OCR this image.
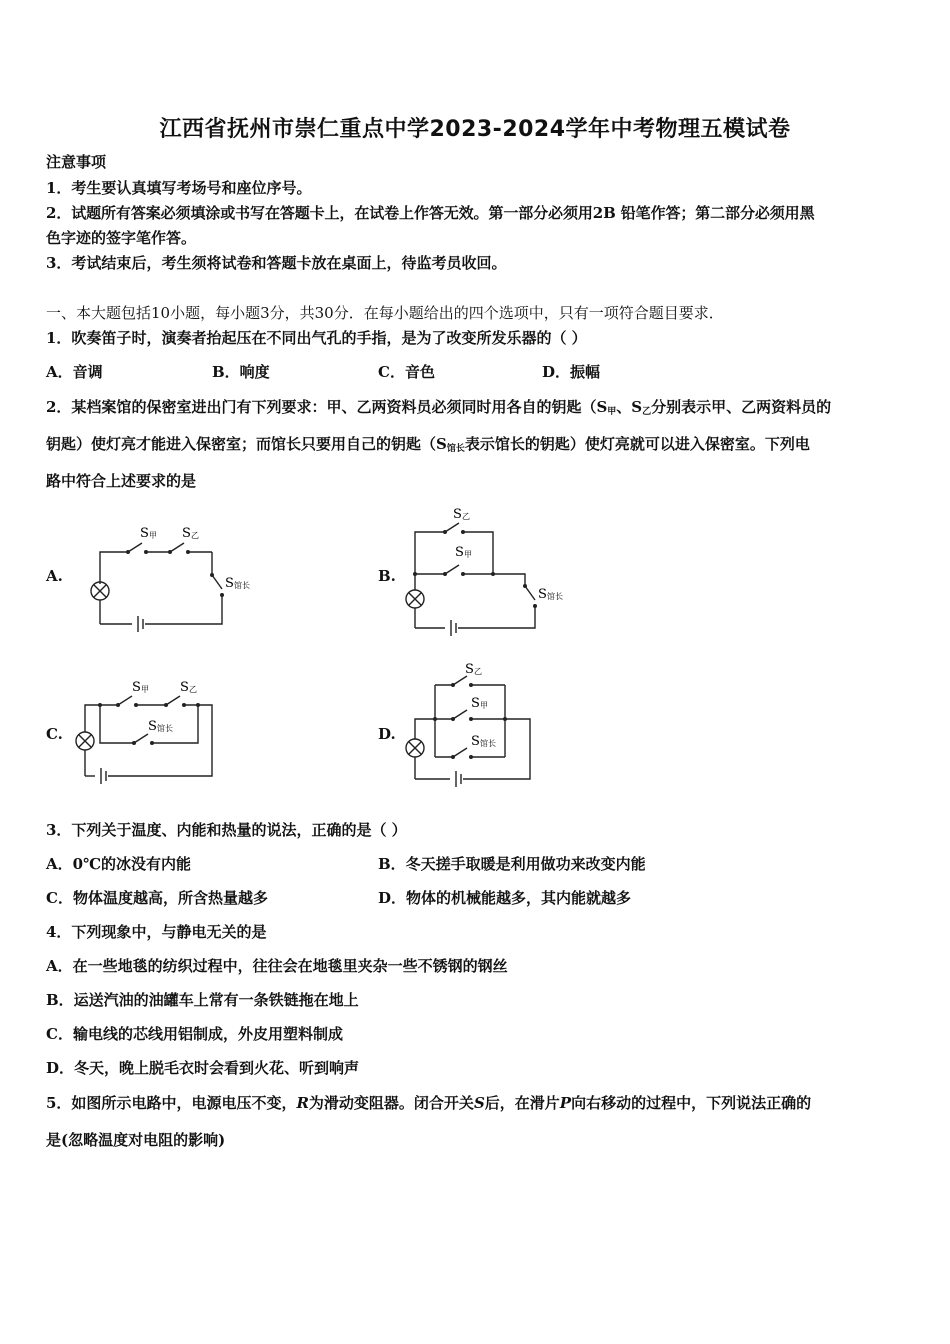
江西省抚州市崇仁重点中学2023-2024学年中考物理五模试卷
注意事项
1．考生要认真填写考场号和座位序号。
2．试题所有答案必须填涂或书写在答题卡上，在试卷上作答无效。第一部分必须用2B 铅笔作答；第二部分必须用黑
色字迹的签字笔作答。
3．考试结束后，考生须将试卷和答题卡放在桌面上，待监考员收回。
一、本大题包括10小题，每小题3分，共30分．在每小题给出的四个选项中，只有一项符合题目要求．
1．吹奏笛子时，演奏者抬起压在不同出气孔的手指，是为了改变所发乐器的（ ）
A．音调	B．响度	C．音色	D．振幅
2．某档案馆的保密室进出门有下列要求：甲、乙两资料员必须同时用各自的钥匙（$S_甲$、$S_乙$分别表示甲、乙两资料员的
钥匙）使灯亮才能进入保密室；而馆长只要用自己的钥匙（$S_{馆长}$表示馆长的钥匙）使灯亮就可以进入保密室。下列电
路中符合上述要求的是
A.	B.
C.	D.
S 甲 S 乙
S 馆长
S 乙
S 甲
S 馆长
S 甲 S 乙
S 馆长
S 乙
S 甲
S 馆长
3．下列关于温度、内能和热量的说法，正确的是（ ）
A．0℃的冰没有内能	B．冬天搓手取暖是利用做功来改变内能
C．物体温度越高，所含热量越多	D．物体的机械能越多，其内能就越多
4．下列现象中，与静电无关的是
A．在一些地毯的纺织过程中，往往会在地毯里夹杂一些不锈钢的钢丝
B．运送汽油的油罐车上常有一条铁链拖在地上
C．输电线的芯线用铝制成，外皮用塑料制成
D．冬天，晚上脱毛衣时会看到火花、听到响声
5．如图所示电路中，电源电压不变，R为滑动变阻器。闭合开关S后，在滑片P向右移动的过程中，下列说法正确的
是(忽略温度对电阻的影响)
